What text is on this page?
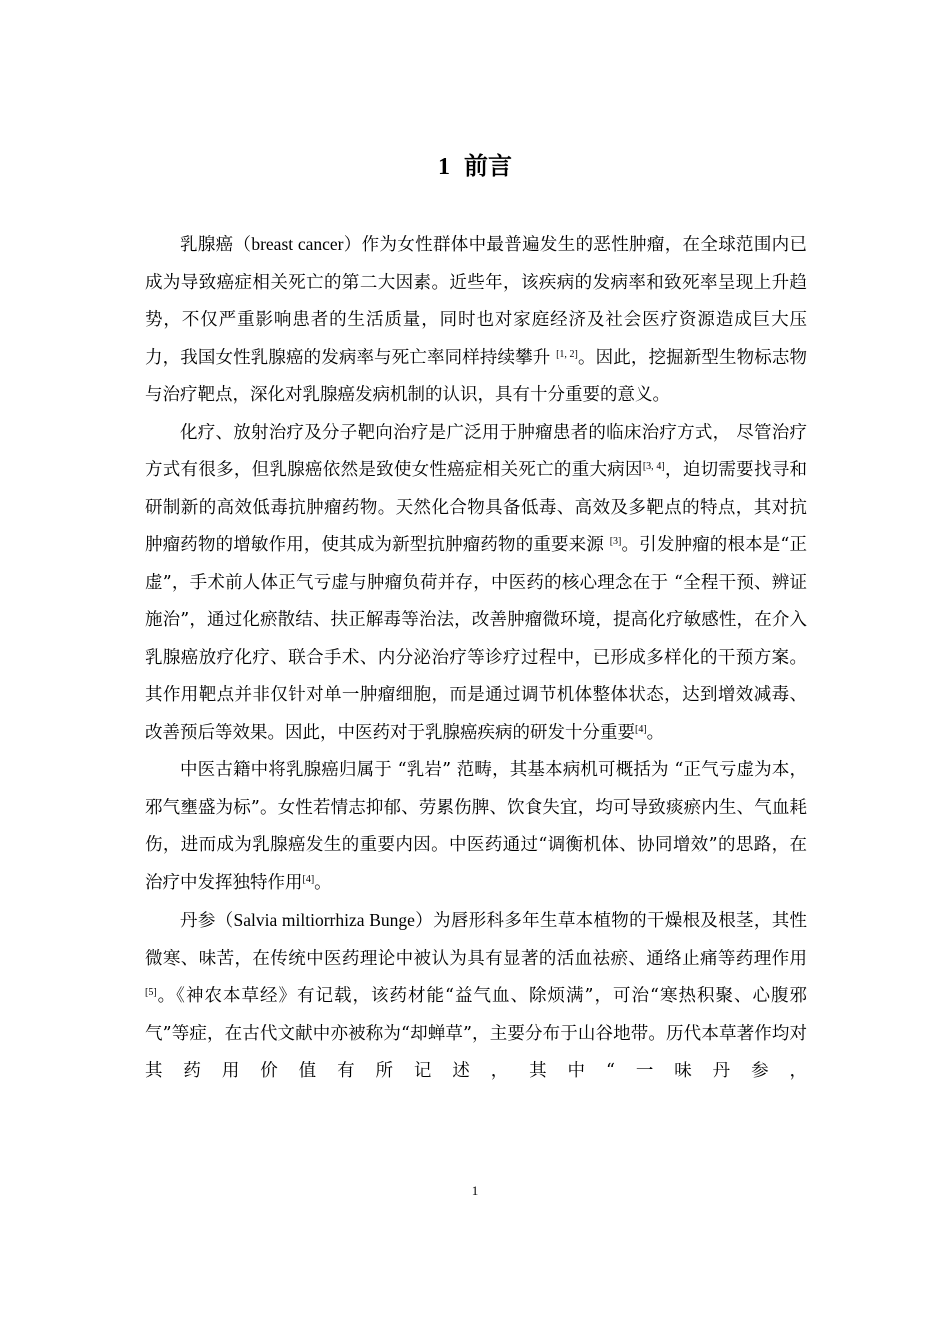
1 前言

乳腺癌（breast cancer）作为女性群体中最普遍发生的恶性肿瘤，在全球范围内已成为导致癌症相关死亡的第二大因素。近些年，该疾病的发病率和致死率呈现上升趋势，不仅严重影响患者的生活质量，同时也对家庭经济及社会医疗资源造成巨大压力，我国女性乳腺癌的发病率与死亡率同样持续攀升 [1, 2]。因此，挖掘新型生物标志物与治疗靶点，深化对乳腺癌发病机制的认识，具有十分重要的意义。

化疗、放射治疗及分子靶向治疗是广泛用于肿瘤患者的临床治疗方式， 尽管治疗方式有很多，但乳腺癌依然是致使女性癌症相关死亡的重大病因[3, 4]，迫切需要找寻和研制新的高效低毒抗肿瘤药物。天然化合物具备低毒、高效及多靶点的特点，其对抗肿瘤药物的增敏作用，使其成为新型抗肿瘤药物的重要来源 [3]。引发肿瘤的根本是“正虚”，手术前人体正气亏虚与肿瘤负荷并存，中医药的核心理念在于 “全程干预、辨证施治”，通过化瘀散结、扶正解毒等治法，改善肿瘤微环境，提高化疗敏感性，在介入乳腺癌放疗化疗、联合手术、内分泌治疗等诊疗过程中，已形成多样化的干预方案。其作用靶点并非仅针对单一肿瘤细胞，而是通过调节机体整体状态，达到增效减毒、改善预后等效果。因此，中医药对于乳腺癌疾病的研发十分重要[4]。

中医古籍中将乳腺癌归属于 “乳岩” 范畴，其基本病机可概括为 “正气亏虚为本，邪气壅盛为标”。女性若情志抑郁、劳累伤脾、饮食失宜，均可导致痰瘀内生、气血耗伤，进而成为乳腺癌发生的重要内因。中医药通过“调衡机体、协同增效”的思路，在治疗中发挥独特作用[4]。

丹参（Salvia miltiorrhiza Bunge）为唇形科多年生草本植物的干燥根及根茎，其性微寒、味苦，在传统中医药理论中被认为具有显著的活血祛瘀、通络止痛等药理作用[5]。《神农本草经》有记载，该药材能“益气血、除烦满”，可治“寒热积聚、心腹邪气”等症，在古代文献中亦被称为“却蝉草”，主要分布于山谷地带。历代本草著作均对其药用价值有所记述，其中“一味丹参，

1
